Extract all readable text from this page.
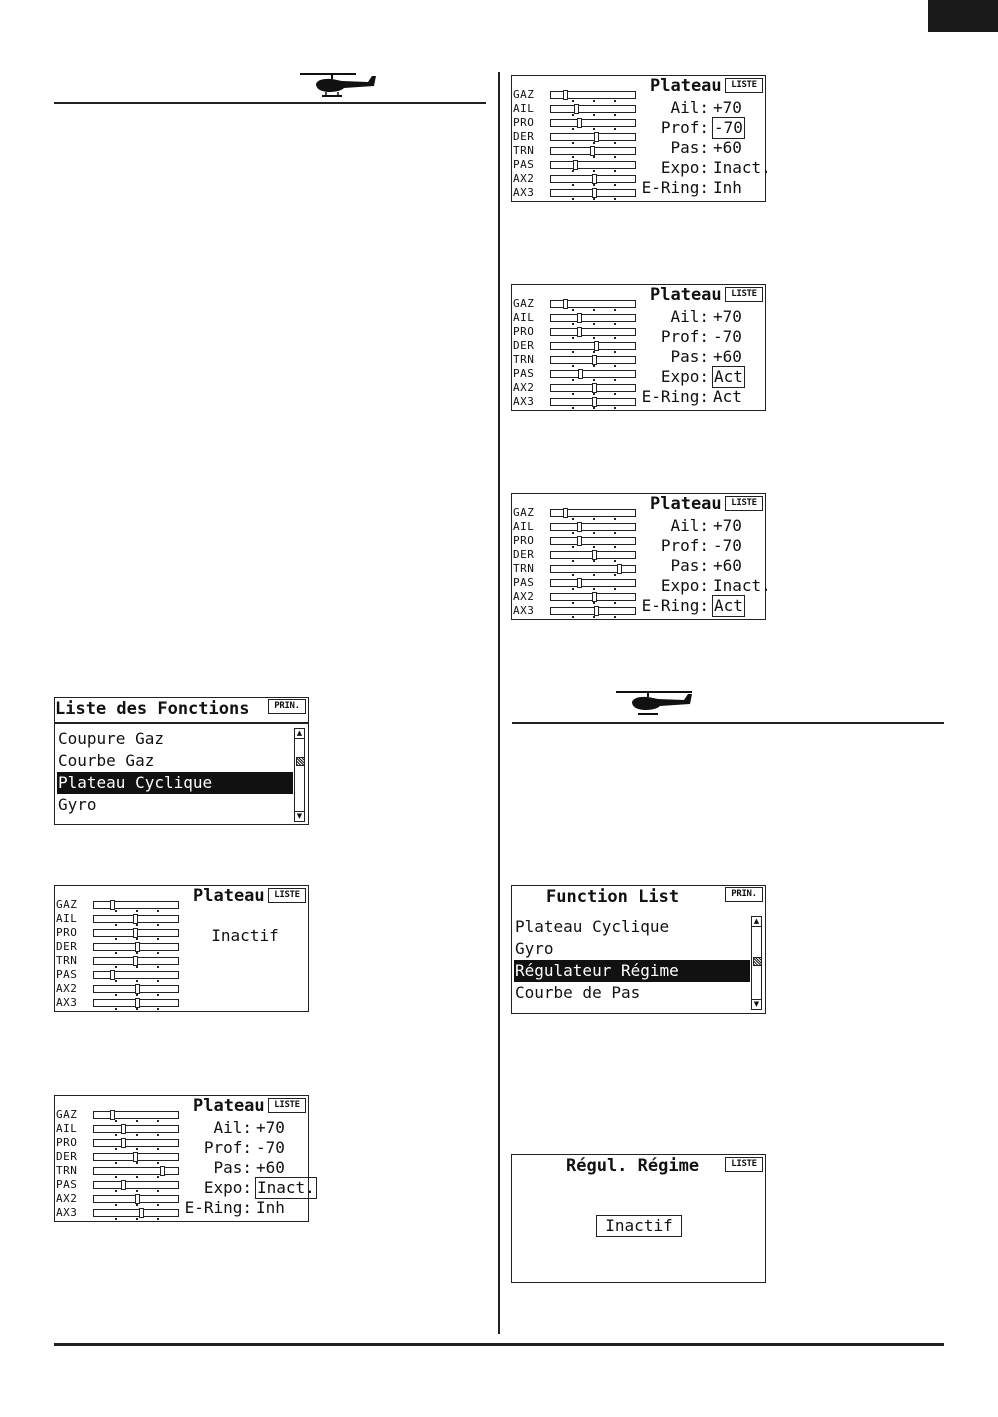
Liste des Fonctions	PRIN.
Coupure Gaz
Courbe Gaz
Plateau Cyclique
Gyro
▲
▼
GAZ
AIL
PRO
DER
TRN
PAS
AX2
AX3
Plateau	LISTE
Inactif
GAZ
AIL
PRO
DER
TRN
PAS
AX2
AX3
Plateau	LISTE
Ail: +70
Prof: -70
Pas: +60
Expo: Inact.
E-Ring: Inh
GAZ
AIL
PRO
DER
TRN
PAS
AX2
AX3
Plateau	LISTE
Ail: +70
Prof: -70
Pas: +60
Expo: Inact.
E-Ring: Inh
GAZ
AIL
PRO
DER
TRN
PAS
AX2
AX3
Plateau	LISTE
Ail: +70
Prof: -70
Pas: +60
Expo: Act
E-Ring: Act
GAZ
AIL
PRO
DER
TRN
PAS
AX2
AX3
Plateau	LISTE
Ail: +70
Prof: -70
Pas: +60
Expo: Inact.
E-Ring: Act
Function List	PRIN.
Plateau Cyclique
Gyro
Régulateur Régime
Courbe de Pas
▲
▼
Régul. Régime	LISTE
Inactif
